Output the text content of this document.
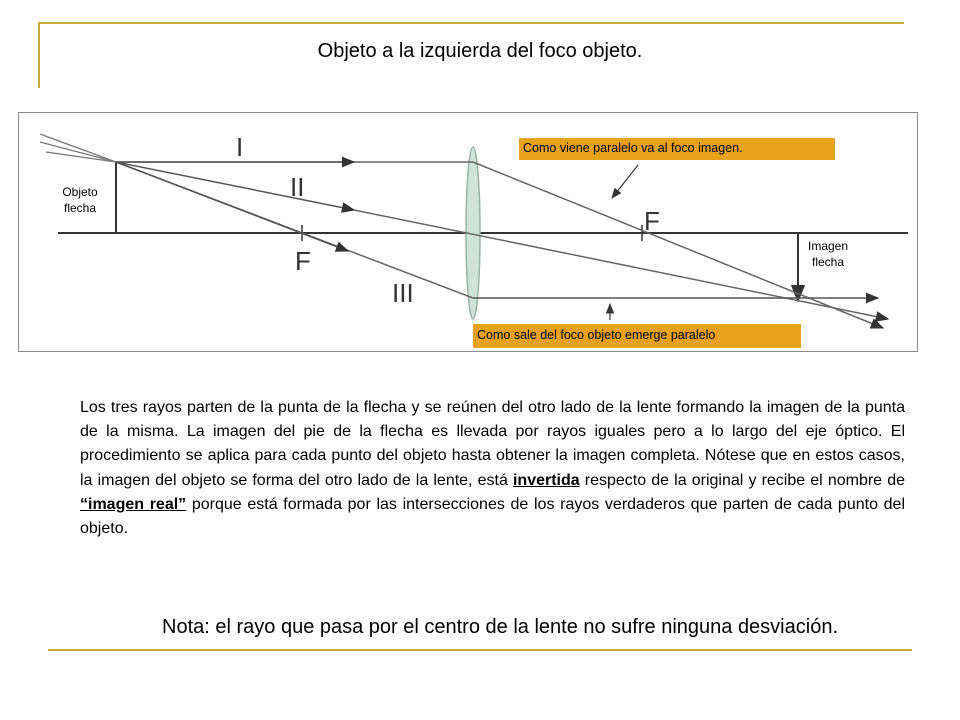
Objeto a la izquierda del foco objeto.
I
II
III
F
F
Objeto
flecha
Imagen
flecha
Como viene paralelo va al foco imagen.
Como sale del foco objeto emerge paralelo
Los tres rayos parten de la punta de la flecha y se reúnen del otro lado de la lente formando la imagen de la punta de la misma. La imagen del pie de la flecha es llevada por rayos iguales pero a lo largo del eje óptico. El procedimiento se aplica para cada punto del objeto hasta obtener la imagen completa. Nótese que en estos casos, la imagen del objeto se forma del otro lado de la lente, está invertida respecto de la original y recibe el nombre de “imagen real” porque está formada por las intersecciones de los rayos verdaderos que parten de cada punto del objeto.
Nota: el rayo que pasa por el centro de la lente no sufre ninguna desviación.
